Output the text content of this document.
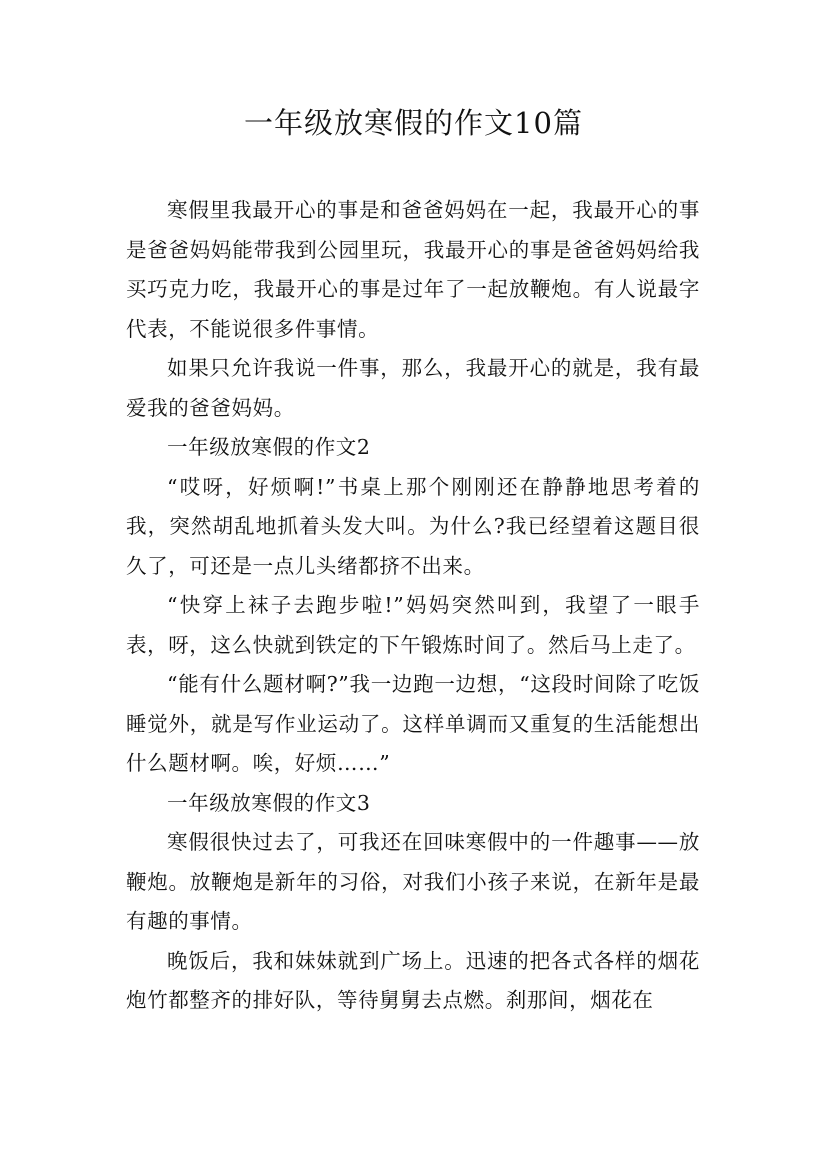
一年级放寒假的作文10篇

寒假里我最开心的事是和爸爸妈妈在一起，我最开心的事是爸爸妈妈能带我到公园里玩，我最开心的事是爸爸妈妈给我买巧克力吃，我最开心的事是过年了一起放鞭炮。有人说最字代表，不能说很多件事情。

如果只允许我说一件事，那么，我最开心的就是，我有最爱我的爸爸妈妈。

一年级放寒假的作文2

“哎呀，好烦啊!”书桌上那个刚刚还在静静地思考着的我，突然胡乱地抓着头发大叫。为什么?我已经望着这题目很久了，可还是一点儿头绪都挤不出来。

“快穿上袜子去跑步啦!”妈妈突然叫到，我望了一眼手表，呀，这么快就到铁定的下午锻炼时间了。然后马上走了。

“能有什么题材啊?”我一边跑一边想，“这段时间除了吃饭睡觉外，就是写作业运动了。这样单调而又重复的生活能想出什么题材啊。唉，好烦……”

一年级放寒假的作文3

寒假很快过去了，可我还在回味寒假中的一件趣事——放鞭炮。放鞭炮是新年的习俗，对我们小孩子来说，在新年是最有趣的事情。

晚饭后，我和妹妹就到广场上。迅速的把各式各样的烟花炮竹都整齐的排好队，等待舅舅去点燃。刹那间，烟花在
